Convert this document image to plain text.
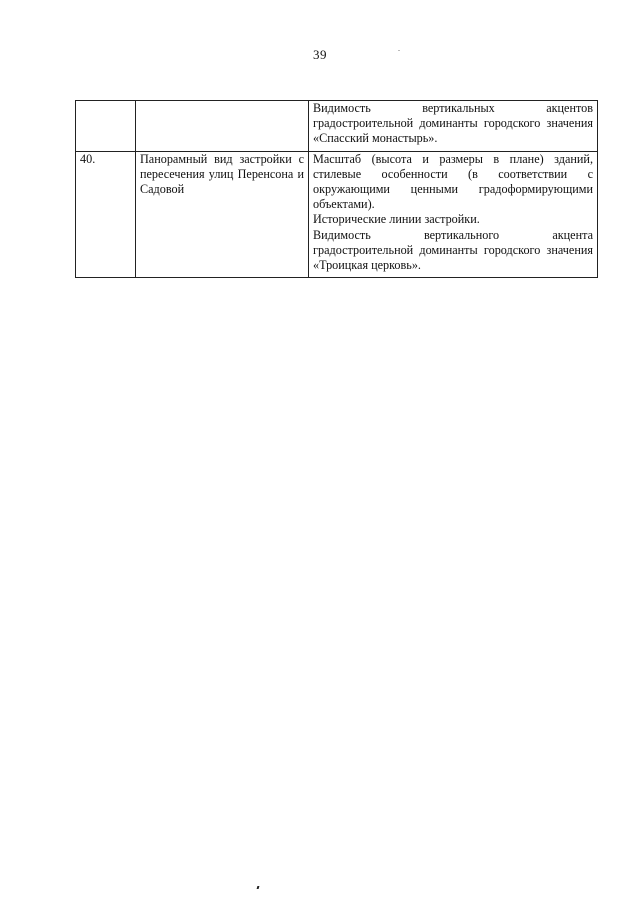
39

		Видимость вертикальных акцентов градостроительной доминанты городского значения «Спасский монастырь».

40.	Панорамный вид застройки с пересечения улиц Перенсона и Садовой	Масштаб (высота и размеры в плане) зданий, стилевые особенности (в соответствии с окружающими ценными градоформирующими объектами).
Исторические линии застройки.
Видимость вертикального акцента градостроительной доминанты городского значения «Троицкая церковь».
